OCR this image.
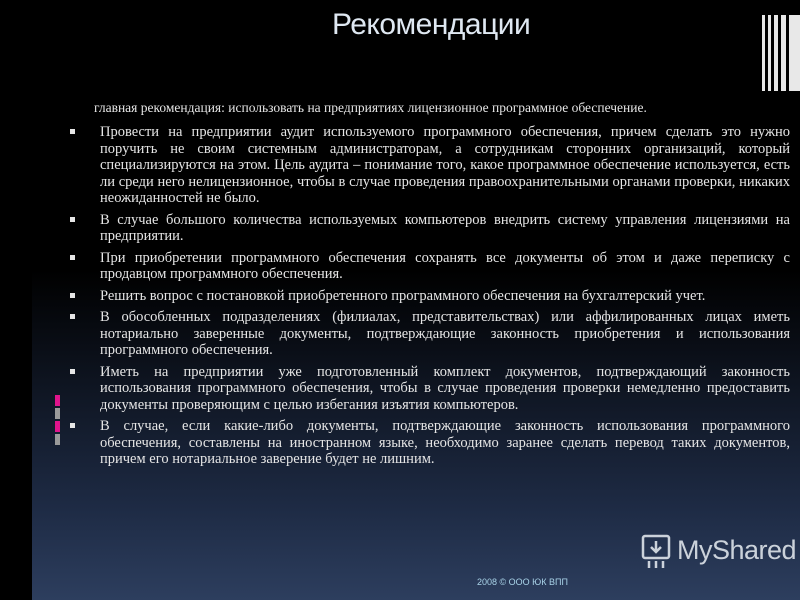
Рекомендации
главная рекомендация: использовать на предприятиях лицензионное программное обеспечение.
Провести на предприятии аудит используемого программного обеспечения, причем сделать это нужно поручить не своим системным администраторам, а сотрудникам сторонних организаций, который специализируются на этом. Цель аудита – понимание того, какое программное обеспечение используется, есть ли среди него нелицензионное, чтобы в случае проведения правоохранительными органами проверки, никаких неожиданностей не было.
В случае большого количества используемых компьютеров внедрить систему управления лицензиями на предприятии.
При приобретении программного обеспечения сохранять все документы об этом и даже переписку с продавцом программного обеспечения.
Решить вопрос с постановкой приобретенного программного обеспечения на бухгалтерский учет.
В обособленных подразделениях (филиалах, представительствах) или аффилированных лицах иметь нотариально заверенные документы, подтверждающие законность приобретения и использования программного обеспечения.
Иметь на предприятии уже подготовленный комплект документов, подтверждающий законность использования программного обеспечения, чтобы в случае проведения проверки немедленно предоставить документы проверяющим с целью избегания изъятия компьютеров.
В случае, если какие-либо документы, подтверждающие законность использования программного обеспечения, составлены на иностранном языке, необходимо заранее сделать перевод таких документов, причем его нотариальное заверение будет не лишним.
2008 © ООО ЮК ВПП
MyShared
